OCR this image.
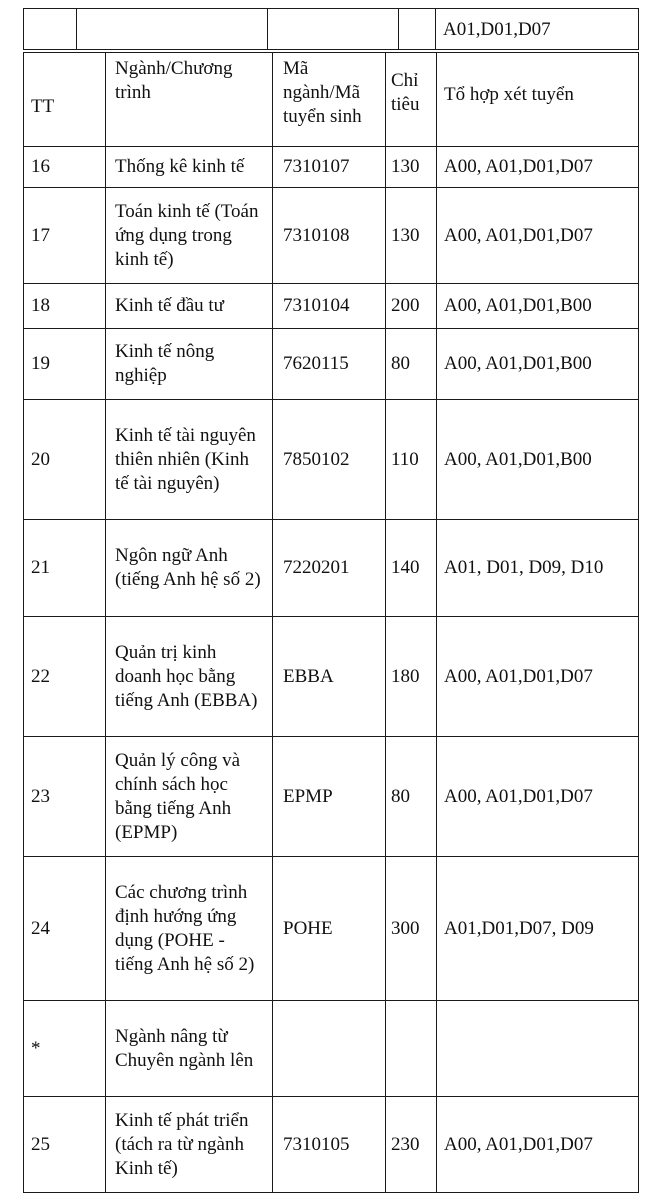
				A01,D01,D07
TT	Ngành/Chương trình	Mã ngành/Mã tuyển sinh	Chỉ tiêu	Tổ hợp xét tuyển
16	Thống kê kinh tế	7310107	130	A00, A01,D01,D07
17	Toán kinh tế (Toán ứng dụng trong kinh tế)	7310108	130	A00, A01,D01,D07
18	Kinh tế đầu tư	7310104	200	A00, A01,D01,B00
19	Kinh tế nông nghiệp	7620115	80	A00, A01,D01,B00
20	Kinh tế tài nguyên thiên nhiên (Kinh tế tài nguyên)	7850102	110	A00, A01,D01,B00
21	Ngôn ngữ Anh (tiếng Anh hệ số 2)	7220201	140	A01, D01, D09, D10
22	Quản trị kinh doanh học bằng tiếng Anh (EBBA)	EBBA	180	A00, A01,D01,D07
23	Quản lý công và chính sách học bằng tiếng Anh (EPMP)	EPMP	80	A00, A01,D01,D07
24	Các chương trình định hướng ứng dụng (POHE - tiếng Anh hệ số 2)	POHE	300	A01,D01,D07, D09
*	Ngành nâng từ Chuyên ngành lên			
25	Kinh tế phát triển (tách ra từ ngành Kinh tế)	7310105	230	A00, A01,D01,D07
